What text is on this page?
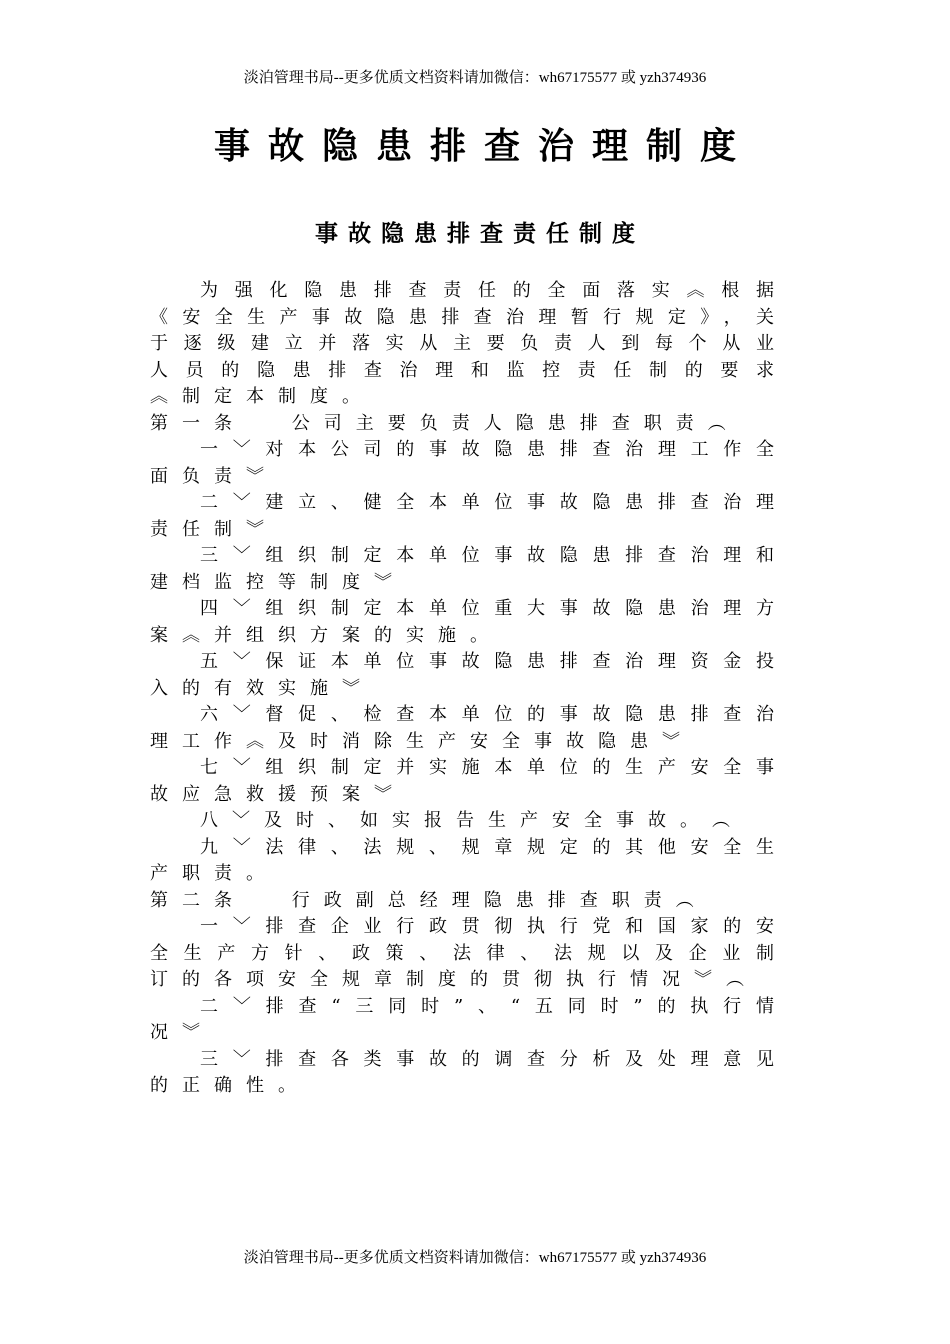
淡泊管理书局--更多优质文档资料请加微信：wh67175577 或 yzh374936
事故隐患排查治理制度
事故隐患排查责任制度

为强化隐患排查责任的全面落实︽根据《安全生产事故隐患排查治理暂行规定》，关于逐级建立并落实从主要负责人到每个从业人员的隐患排查治理和监控责任制的要求︽制定本制度。

第一条	公司主要负责人隐患排查职责︵

一﹀对本公司的事故隐患排查治理工作全面负责︾

二﹀建立、健全本单位事故隐患排查治理责任制︾

三﹀组织制定本单位事故隐患排查治理和建档监控等制度︾

四﹀组织制定本单位重大事故隐患治理方案︽并组织方案的实施。

五﹀保证本单位事故隐患排查治理资金投入的有效实施︾

六﹀督促、检查本单位的事故隐患排查治理工作︽及时消除生产安全事故隐患︾

七﹀组织制定并实施本单位的生产安全事故应急救援预案︾

八﹀及时、如实报告生产安全事故。︵

九﹀法律、法规、规章规定的其他安全生产职责。

第二条	行政副总经理隐患排查职责︵

一﹀排查企业行政贯彻执行党和国家的安全生产方针、政策、法律、法规以及企业制订的各项安全规章制度的贯彻执行情况︾︵

二﹀排查“三同时”、“五同时”的执行情况︾

三﹀排查各类事故的调查分析及处理意见的正确性。

淡泊管理书局--更多优质文档资料请加微信：wh67175577 或 yzh374936
